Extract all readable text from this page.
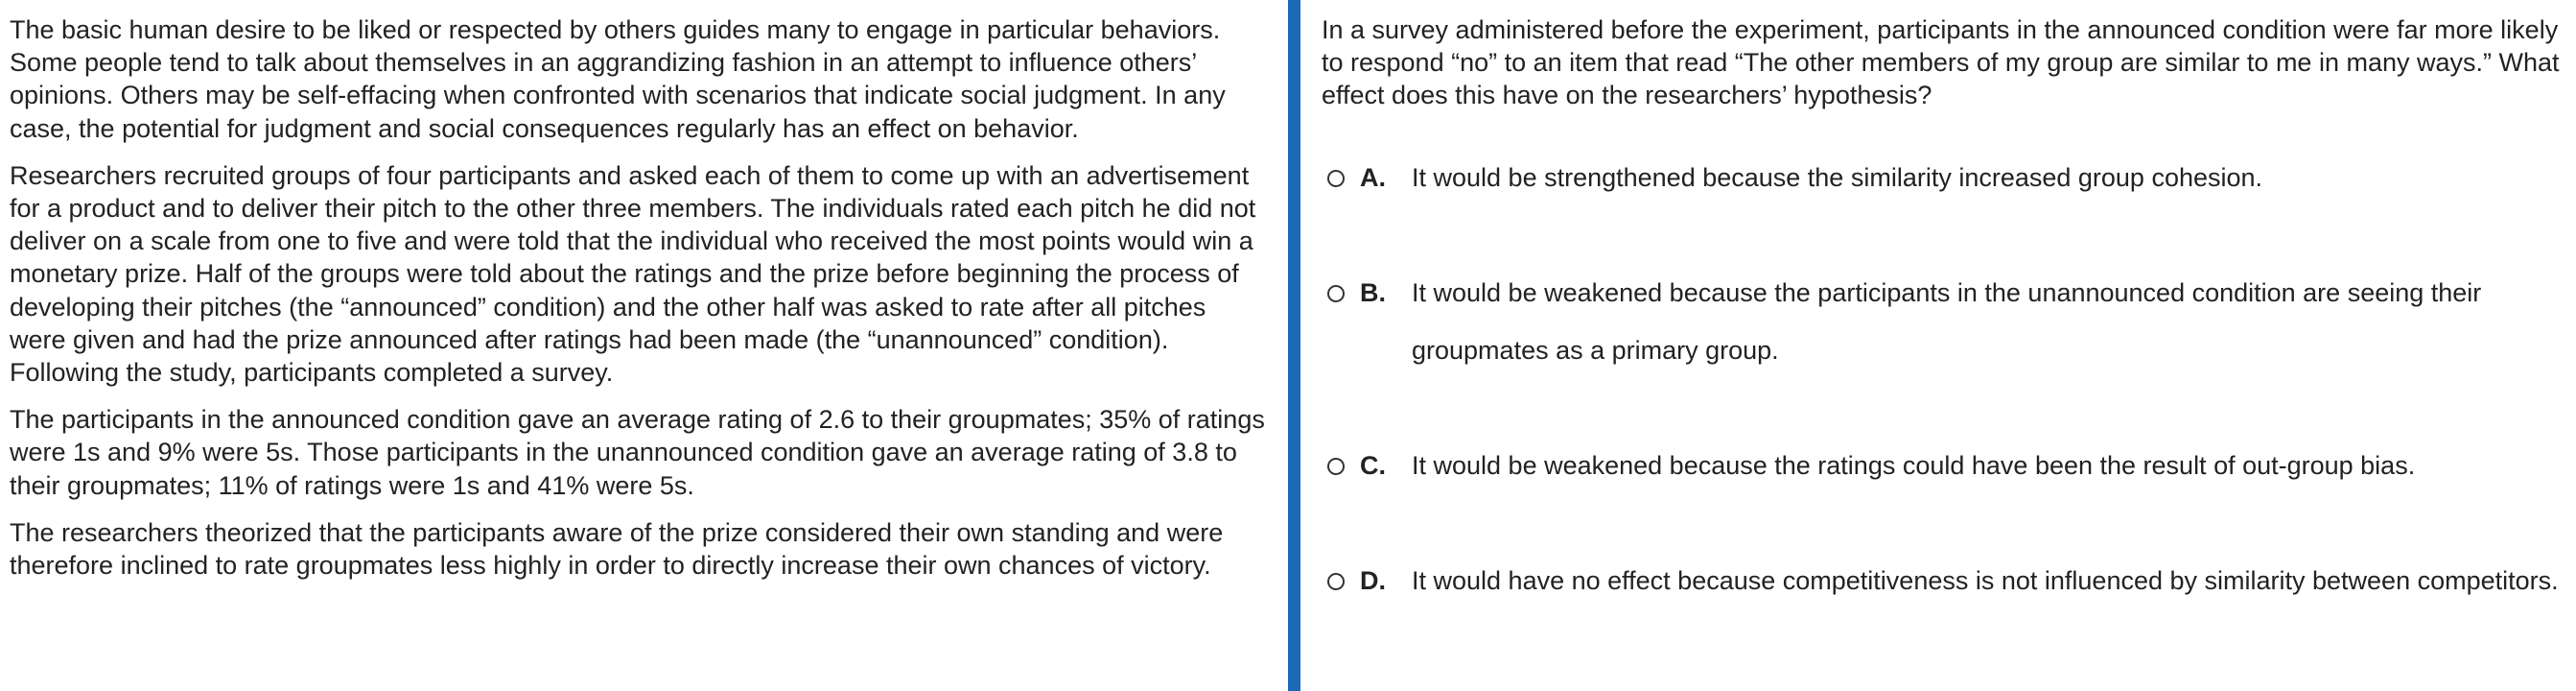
The basic human desire to be liked or respected by others guides many to engage in particular behaviors. Some people tend to talk about themselves in an aggrandizing fashion in an attempt to influence others’ opinions. Others may be self-effacing when confronted with scenarios that indicate social judgment. In any case, the potential for judgment and social consequences regularly has an effect on behavior.

Researchers recruited groups of four participants and asked each of them to come up with an advertisement for a product and to deliver their pitch to the other three members. The individuals rated each pitch he did not deliver on a scale from one to five and were told that the individual who received the most points would win a monetary prize. Half of the groups were told about the ratings and the prize before beginning the process of developing their pitches (the “announced” condition) and the other half was asked to rate after all pitches were given and had the prize announced after ratings had been made (the “unannounced” condition). Following the study, participants completed a survey.

The participants in the announced condition gave an average rating of 2.6 to their groupmates; 35% of ratings were 1s and 9% were 5s. Those participants in the unannounced condition gave an average rating of 3.8 to their groupmates; 11% of ratings were 1s and 41% were 5s.

The researchers theorized that the participants aware of the prize considered their own standing and were therefore inclined to rate groupmates less highly in order to directly increase their own chances of victory.

In a survey administered before the experiment, participants in the announced condition were far more likely to respond “no” to an item that read “The other members of my group are similar to me in many ways.” What effect does this have on the researchers’ hypothesis?

A.	It would be strengthened because the similarity increased group cohesion.
B.	It would be weakened because the participants in the unannounced condition are seeing their groupmates as a primary group.
C.	It would be weakened because the ratings could have been the result of out-group bias.
D.	It would have no effect because competitiveness is not influenced by similarity between competitors.
